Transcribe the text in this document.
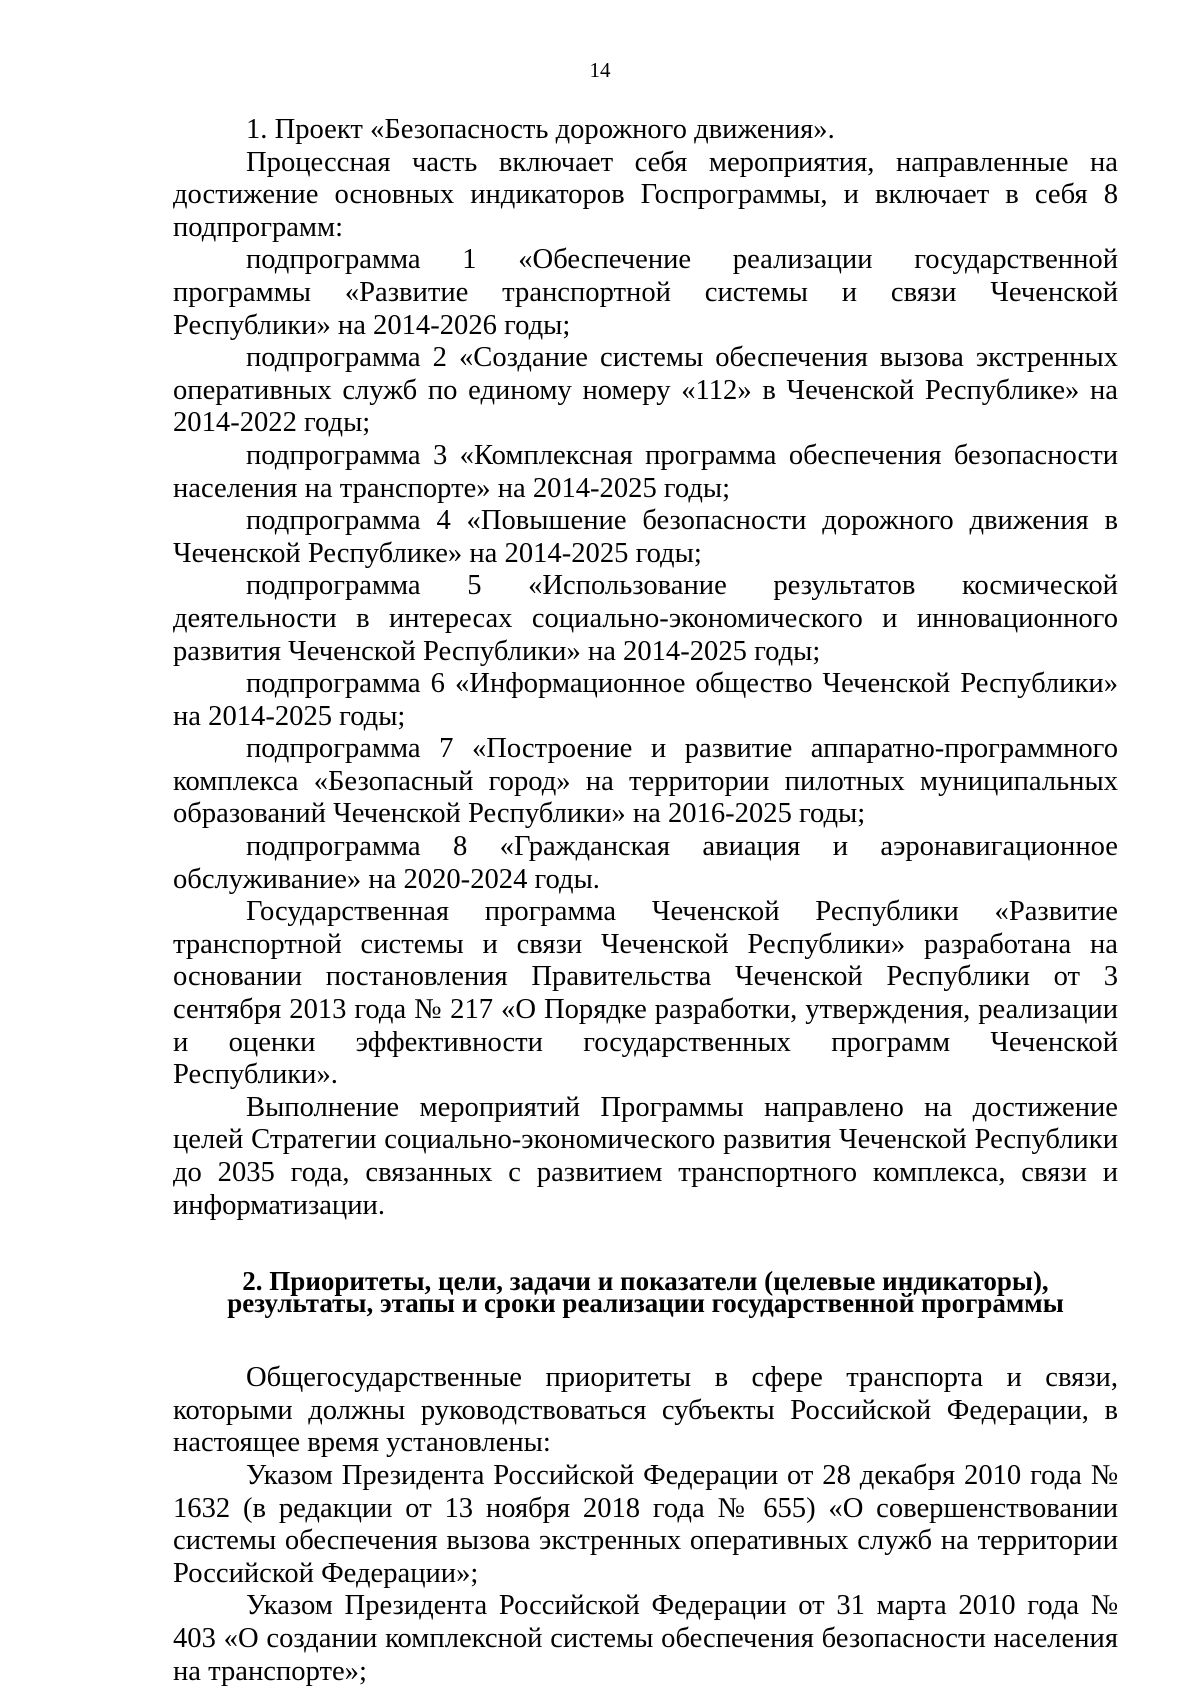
14

1. Проект «Безопасность дорожного движения».

Процессная часть включает себя мероприятия, направленные на достижение основных индикаторов Госпрограммы, и включает в себя 8 подпрограмм:

подпрограмма 1 «Обеспечение реализации государственной программы «Развитие транспортной системы и связи Чеченской Республики» на 2014-2026 годы;

подпрограмма 2 «Создание системы обеспечения вызова экстренных оперативных служб по единому номеру «112» в Чеченской Республике» на 2014-2022 годы;

подпрограмма 3 «Комплексная программа обеспечения безопасности населения на транспорте» на 2014-2025 годы;

подпрограмма 4 «Повышение безопасности дорожного движения в Чеченской Республике» на 2014-2025 годы;

подпрограмма 5 «Использование результатов космической деятельности в интересах социально-экономического и инновационного развития Чеченской Республики» на 2014-2025 годы;

подпрограмма 6 «Информационное общество Чеченской Республики» на 2014-2025 годы;

подпрограмма 7 «Построение и развитие аппаратно-программного комплекса «Безопасный город» на территории пилотных муниципальных образований Чеченской Республики» на 2016-2025 годы;

подпрограмма 8 «Гражданская авиация и аэронавигационное обслуживание» на 2020-2024 годы.

Государственная программа Чеченской Республики «Развитие транспортной системы и связи Чеченской Республики» разработана на основании постановления Правительства Чеченской Республики от 3 сентября 2013 года № 217 «О Порядке разработки, утверждения, реализации и оценки эффективности государственных программ Чеченской Республики».

Выполнение мероприятий Программы направлено на достижение целей Стратегии социально-экономического развития Чеченской Республики до 2035 года, связанных с развитием транспортного комплекса, связи и информатизации.

2. Приоритеты, цели, задачи и показатели (целевые индикаторы),
результаты, этапы и сроки реализации государственной программы

Общегосударственные приоритеты в сфере транспорта и связи, которыми должны руководствоваться субъекты Российской Федерации, в настоящее время установлены:

Указом Президента Российской Федерации от 28 декабря 2010 года № 1632 (в редакции от 13 ноября 2018 года № 655) «О совершенствовании системы обеспечения вызова экстренных оперативных служб на территории Российской Федерации»;

Указом Президента Российской Федерации от 31 марта 2010 года № 403 «О создании комплексной системы обеспечения безопасности населения на транспорте»;
